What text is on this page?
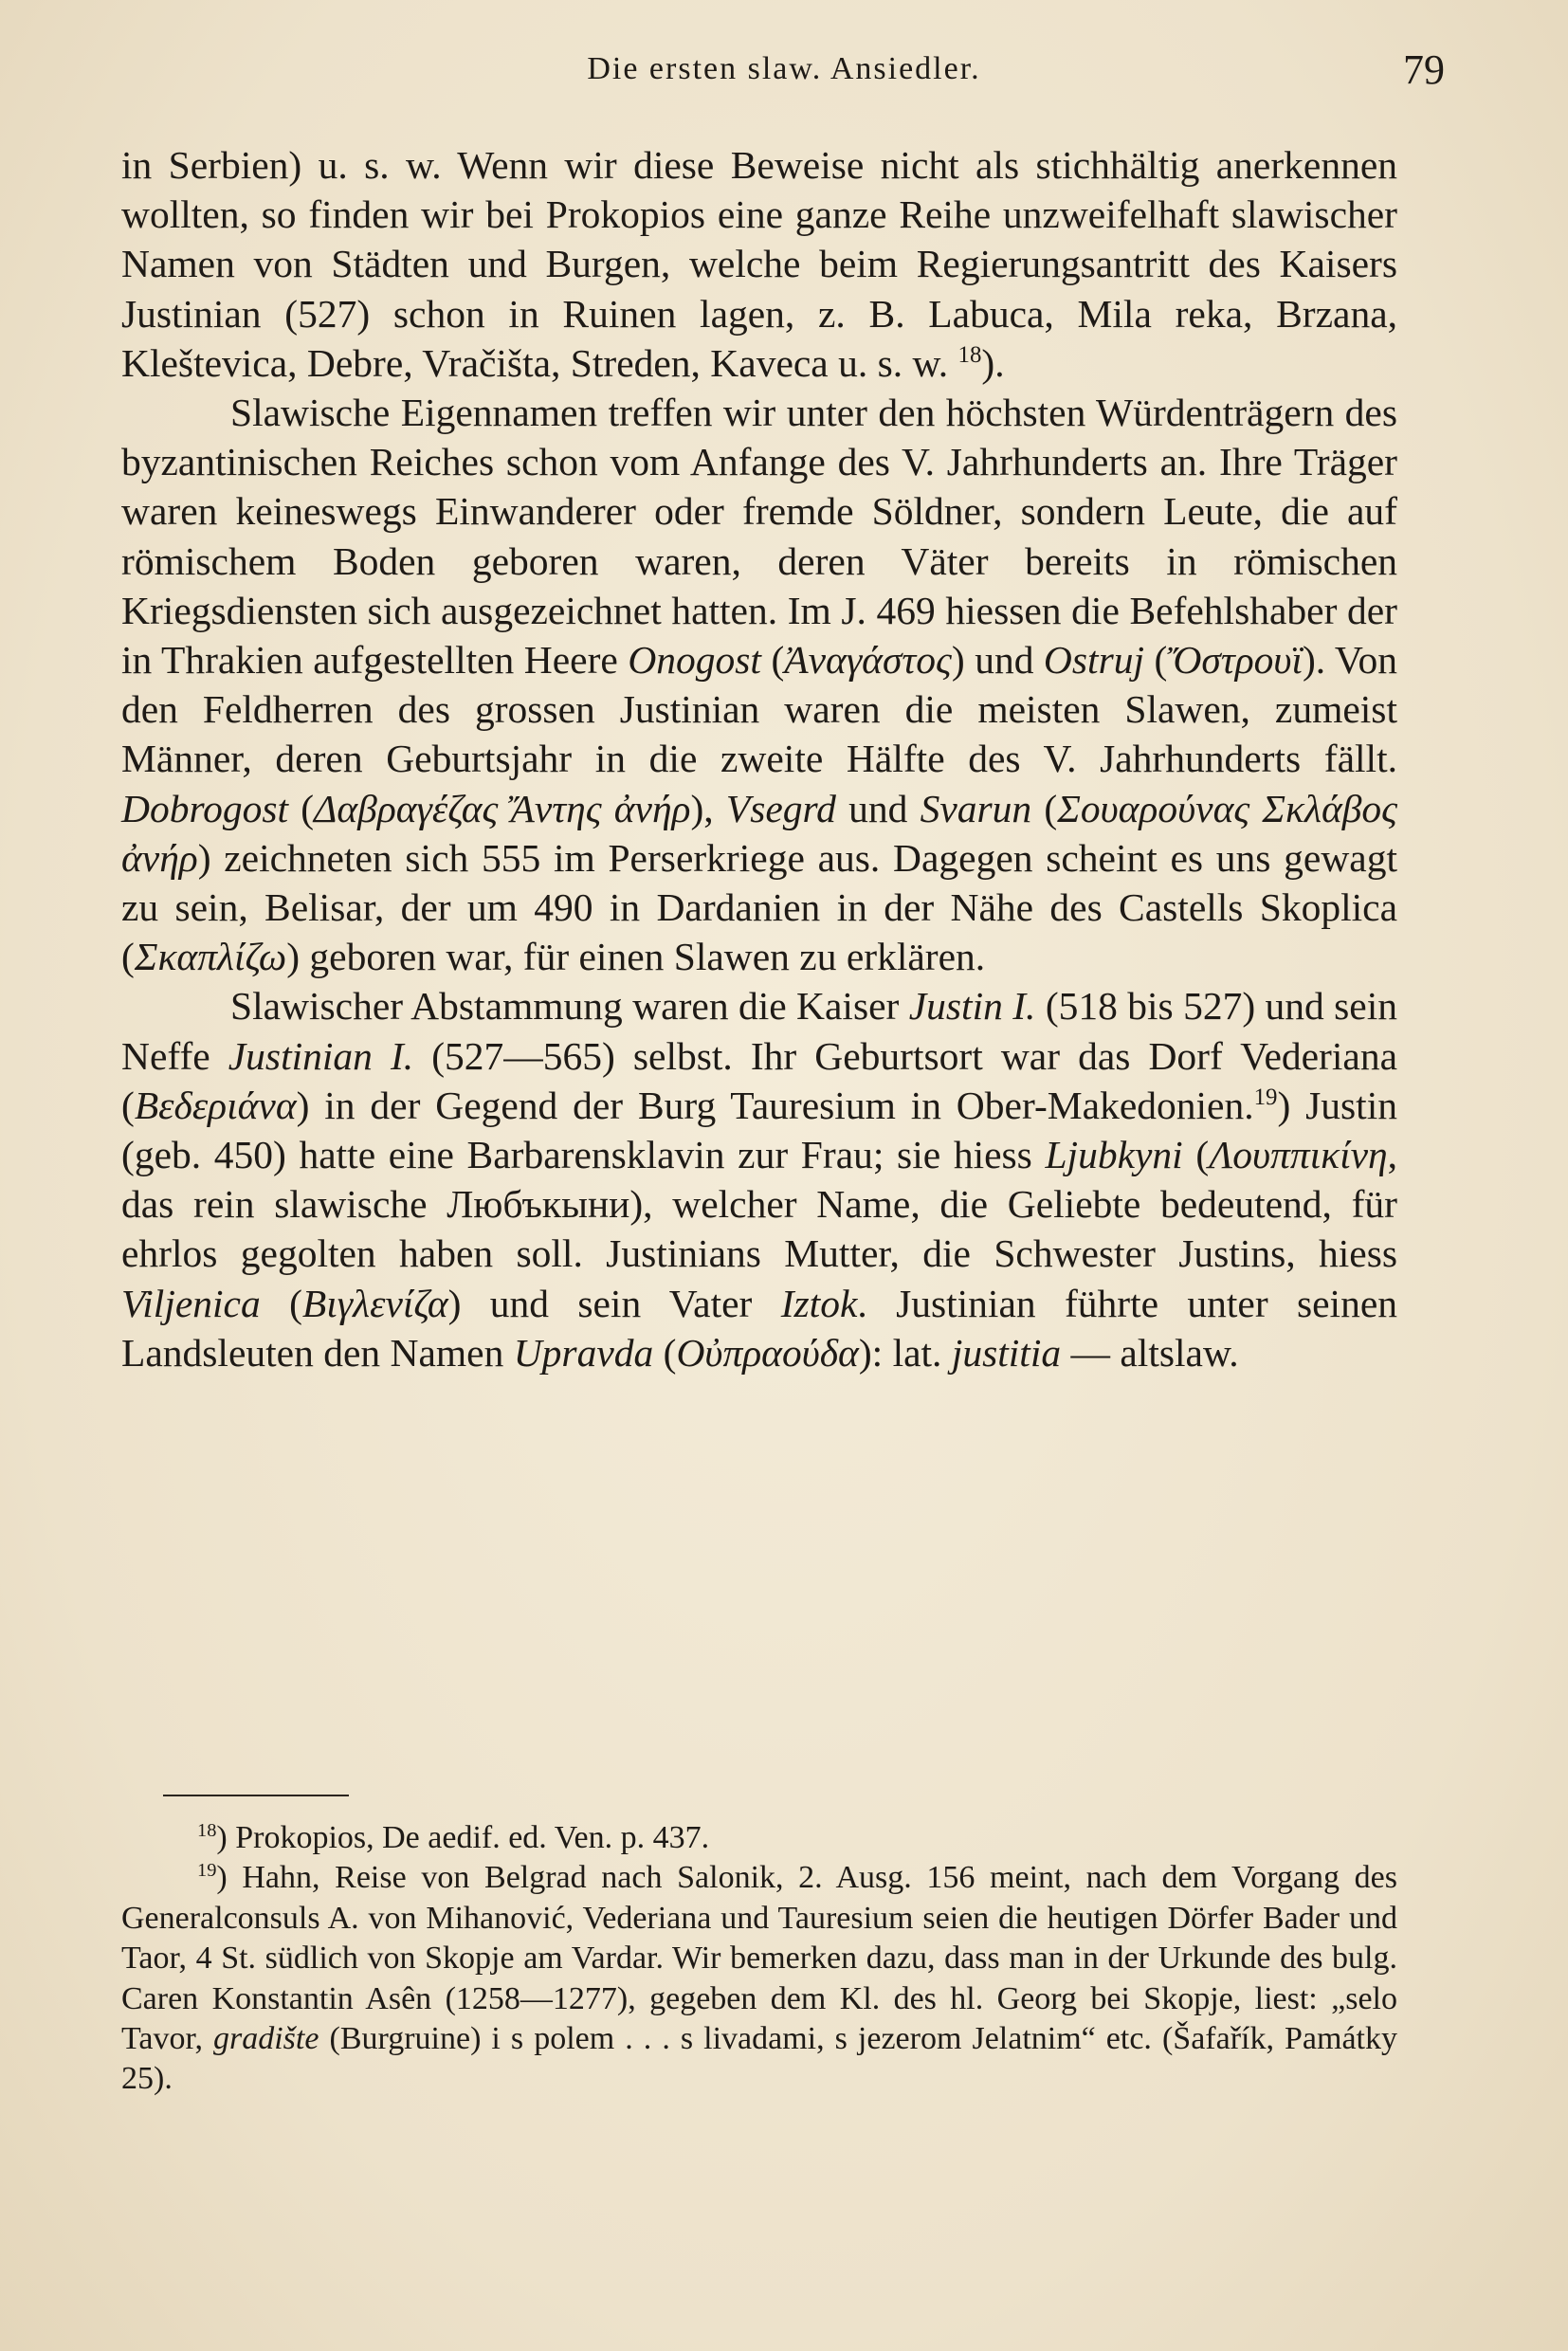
Die ersten slaw. Ansiedler.	79

in Serbien) u. s. w. Wenn wir diese Beweise nicht als stichhältig anerkennen wollten, so finden wir bei Prokopios eine ganze Reihe unzweifelhaft slawischer Namen von Städten und Burgen, welche beim Regierungsantritt des Kaisers Justinian (527) schon in Ruinen lagen, z. B. Labuca, Mila reka, Brzana, Kleštevica, Debre, Vračišta, Streden, Kaveca u. s. w. $^{18}$).

Slawische Eigennamen treffen wir unter den höchsten Würdenträgern des byzantinischen Reiches schon vom Anfange des V. Jahrhunderts an. Ihre Träger waren keineswegs Einwanderer oder fremde Söldner, sondern Leute, die auf römischem Boden geboren waren, deren Väter bereits in römischen Kriegsdiensten sich ausgezeichnet hatten. Im J. 469 hiessen die Befehlshaber der in Thrakien aufgestellten Heere Onogost (Ἀναγάστος) und Ostruj (Ὄστρουϊ). Von den Feldherren des grossen Justinian waren die meisten Slawen, zumeist Männer, deren Geburtsjahr in die zweite Hälfte des V. Jahrhunderts fällt. Dobrogost (Δαβραγέζας Ἄντης ἀνήρ), Vsegrd und Svarun (Σουαρούνας Σκλάβος ἀνήρ) zeichneten sich 555 im Perserkriege aus. Dagegen scheint es uns gewagt zu sein, Belisar, der um 490 in Dardanien in der Nähe des Castells Skoplica (Σκαπλίζω) geboren war, für einen Slawen zu erklären.

Slawischer Abstammung waren die Kaiser Justin I. (518 bis 527) und sein Neffe Justinian I. (527—565) selbst. Ihr Geburtsort war das Dorf Vederiana (Βεδεριάνα) in der Gegend der Burg Tauresium in Ober-Makedonien.$^{19}$) Justin (geb. 450) hatte eine Barbarensklavin zur Frau; sie hiess Ljubkyni (Λουππικίνη, das rein slawische Любъкыни), welcher Name, die Geliebte bedeutend, für ehrlos gegolten haben soll. Justinians Mutter, die Schwester Justins, hiess Viljenica (Βιγλενίζα) und sein Vater Iztok. Justinian führte unter seinen Landsleuten den Namen Upravda (Οὐπραούδα): lat. justitia — altslaw.

$^{18}$) Prokopios, De aedif. ed. Ven. p. 437.

$^{19}$) Hahn, Reise von Belgrad nach Salonik, 2. Ausg. 156 meint, nach dem Vorgang des Generalconsuls A. von Mihanović, Vederiana und Tauresium seien die heutigen Dörfer Bader und Taor, 4 St. südlich von Skopje am Vardar. Wir bemerken dazu, dass man in der Urkunde des bulg. Caren Konstantin Asên (1258—1277), gegeben dem Kl. des hl. Georg bei Skopje, liest: „selo Tavor, gradište (Burgruine) i s polem . . . s livadami, s jezerom Jelatnim“ etc. (Šafařík, Památky 25).
